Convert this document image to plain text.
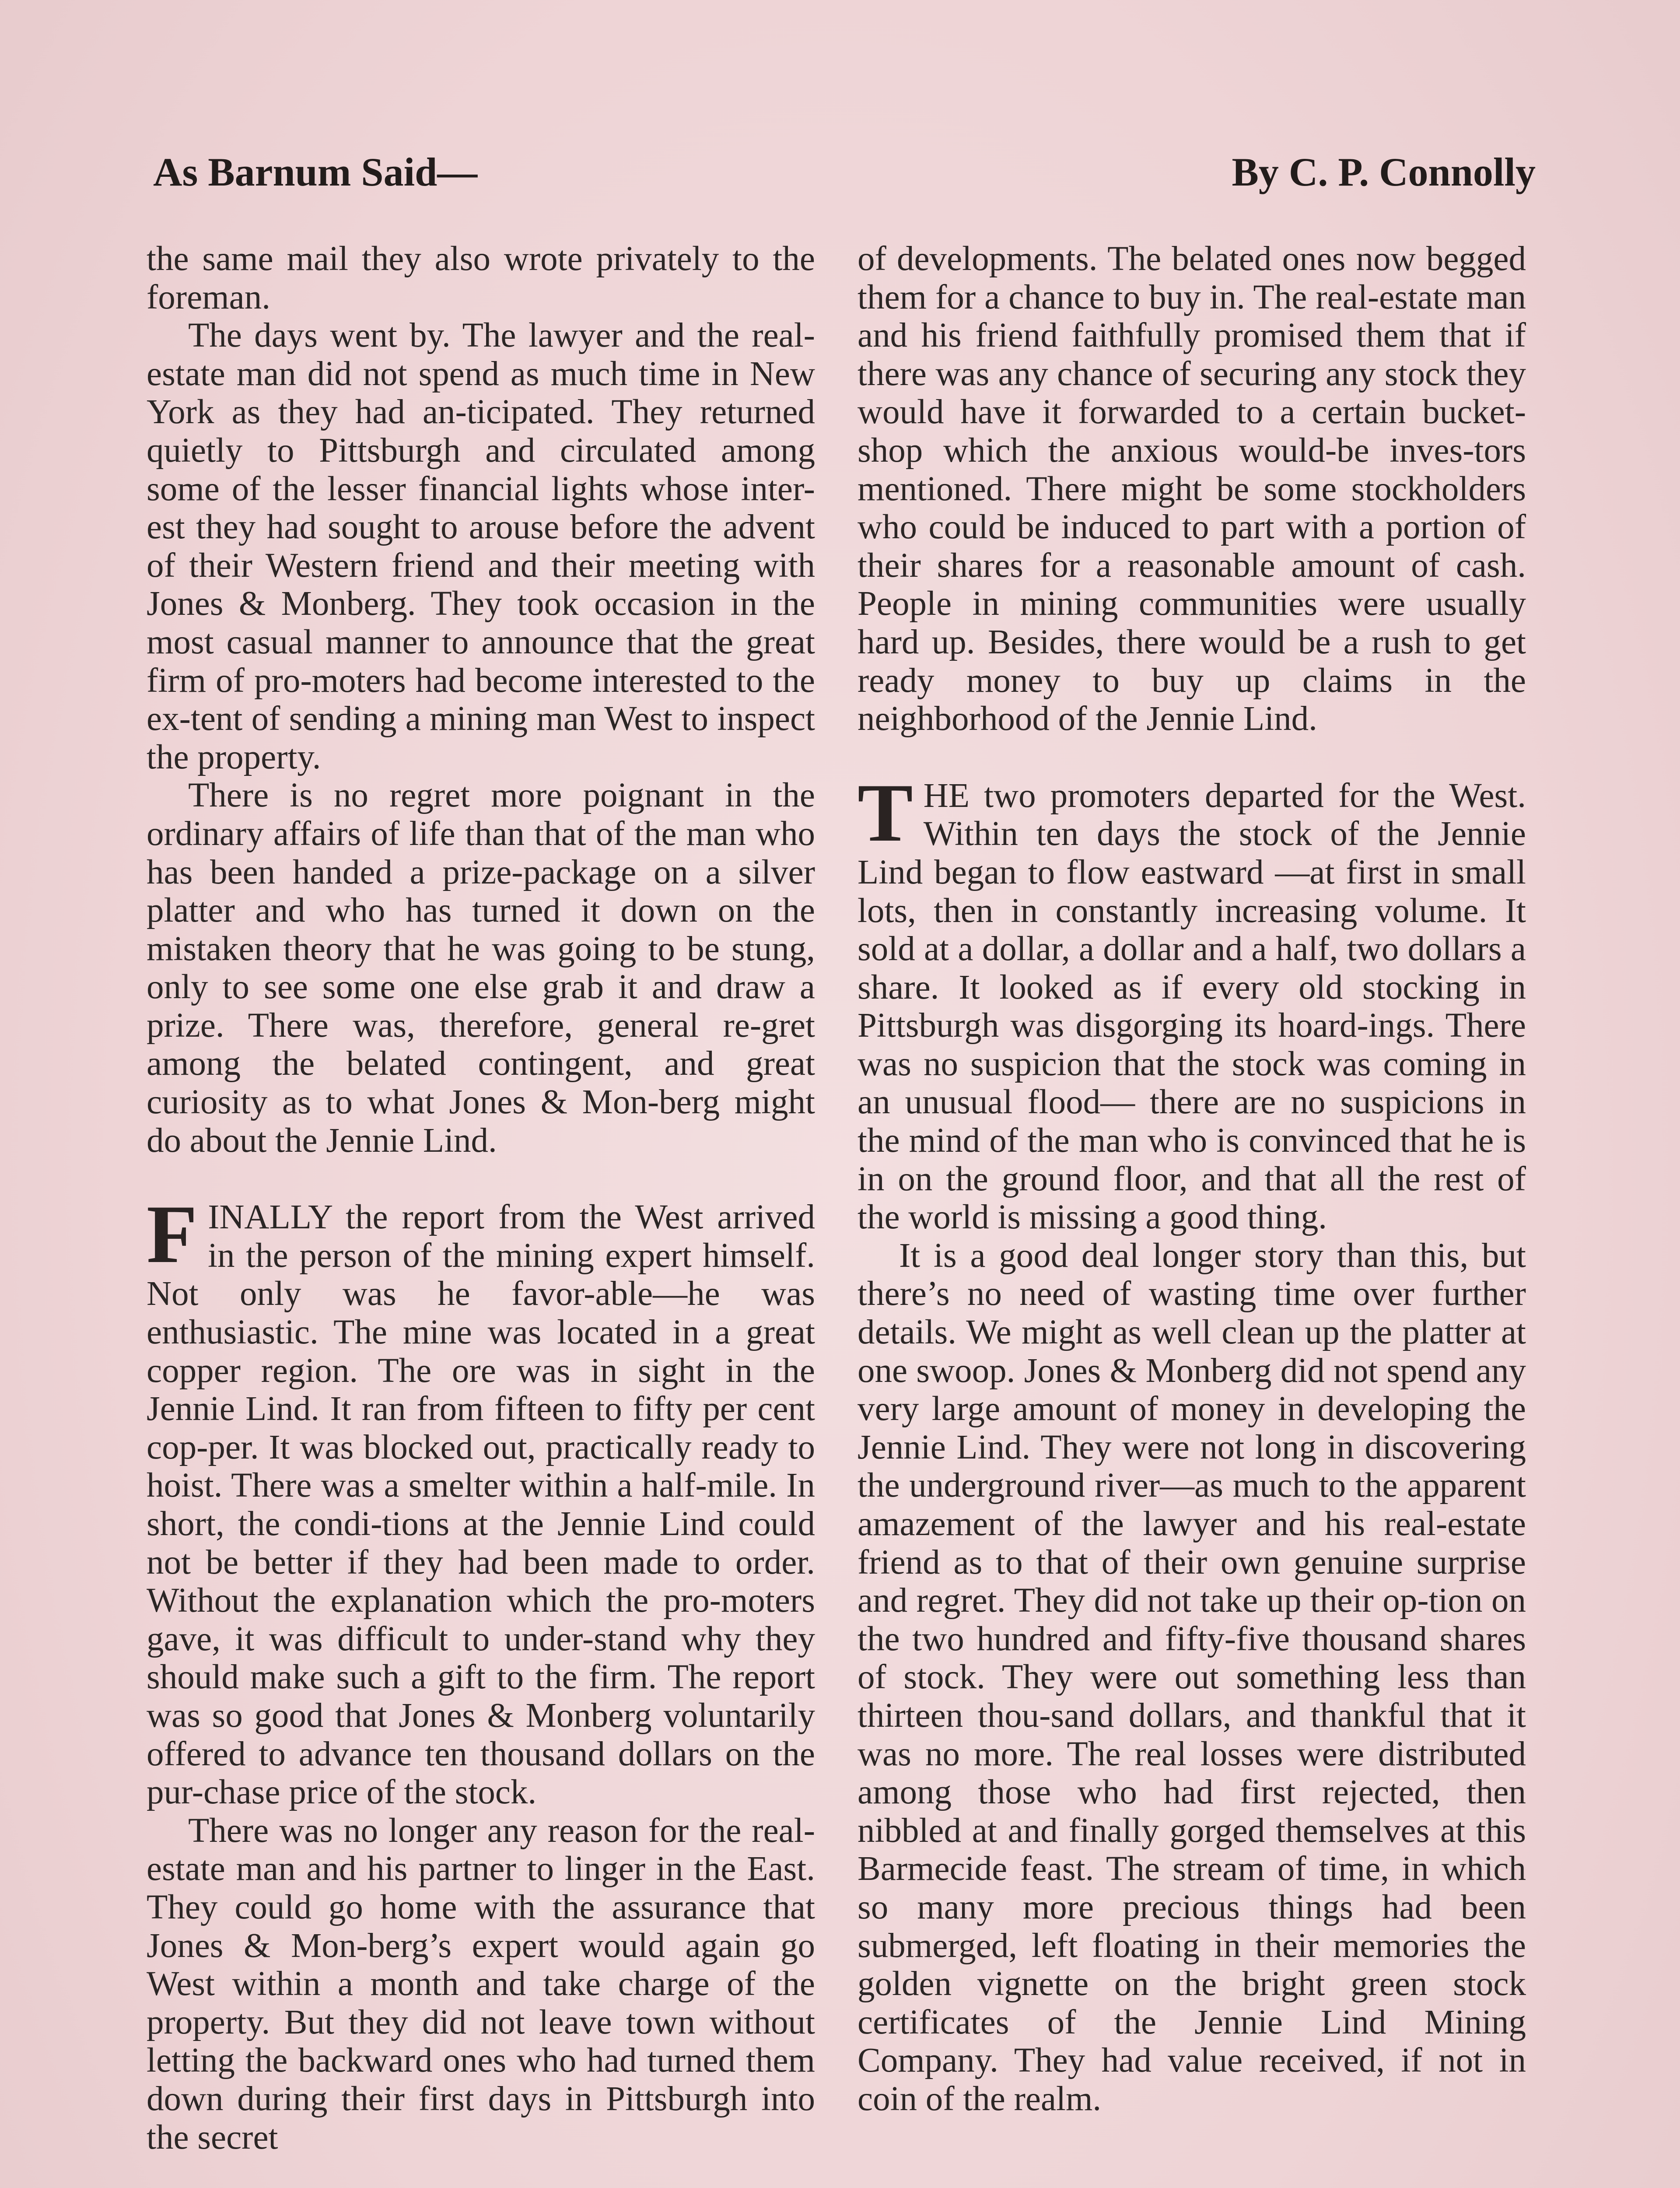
As Barnum Said—	By C. P. Connolly

the same mail they also wrote privately to the foreman.

The days went by. The lawyer and the real-estate man did not spend as much time in New York as they had an-ticipated. They returned quietly to Pittsburgh and circulated among some of the lesser financial lights whose inter-est they had sought to arouse before the advent of their Western friend and their meeting with Jones & Monberg. They took occasion in the most casual manner to announce that the great firm of pro-moters had become interested to the ex-tent of sending a mining man West to inspect the property.

There is no regret more poignant in the ordinary affairs of life than that of the man who has been handed a prize-package on a silver platter and who has turned it down on the mistaken theory that he was going to be stung, only to see some one else grab it and draw a prize. There was, therefore, general re-gret among the belated contingent, and great curiosity as to what Jones & Mon-berg might do about the Jennie Lind.

F INALLY the report from the West arrived in the person of the mining expert himself. Not only was he favor-able—he was enthusiastic. The mine was located in a great copper region. The ore was in sight in the Jennie Lind. It ran from fifteen to fifty per cent cop-per. It was blocked out, practically ready to hoist. There was a smelter within a half-mile. In short, the condi-tions at the Jennie Lind could not be better if they had been made to order. Without the explanation which the pro-moters gave, it was difficult to under-stand why they should make such a gift to the firm. The report was so good that Jones & Monberg voluntarily offered to advance ten thousand dollars on the pur-chase price of the stock.

There was no longer any reason for the real-estate man and his partner to linger in the East. They could go home with the assurance that Jones & Mon-berg’s expert would again go West within a month and take charge of the property. But they did not leave town without letting the backward ones who had turned them down during their first days in Pittsburgh into the secret

of developments. The belated ones now begged them for a chance to buy in. The real-estate man and his friend faithfully promised them that if there was any chance of securing any stock they would have it forwarded to a certain bucket-shop which the anxious would-be inves-tors mentioned. There might be some stockholders who could be induced to part with a portion of their shares for a reasonable amount of cash. People in mining communities were usually hard up. Besides, there would be a rush to get ready money to buy up claims in the neighborhood of the Jennie Lind.

T HE two promoters departed for the West. Within ten days the stock of the Jennie Lind began to flow eastward —at first in small lots, then in constantly increasing volume. It sold at a dollar, a dollar and a half, two dollars a share. It looked as if every old stocking in Pittsburgh was disgorging its hoard-ings. There was no suspicion that the stock was coming in an unusual flood— there are no suspicions in the mind of the man who is convinced that he is in on the ground floor, and that all the rest of the world is missing a good thing.

It is a good deal longer story than this, but there’s no need of wasting time over further details. We might as well clean up the platter at one swoop. Jones & Monberg did not spend any very large amount of money in developing the Jennie Lind. They were not long in discovering the underground river—as much to the apparent amazement of the lawyer and his real-estate friend as to that of their own genuine surprise and regret. They did not take up their op-tion on the two hundred and fifty-five thousand shares of stock. They were out something less than thirteen thou-sand dollars, and thankful that it was no more. The real losses were distributed among those who had first rejected, then nibbled at and finally gorged themselves at this Barmecide feast. The stream of time, in which so many more precious things had been submerged, left floating in their memories the golden vignette on the bright green stock certificates of the Jennie Lind Mining Company. They had value received, if not in coin of the realm.
